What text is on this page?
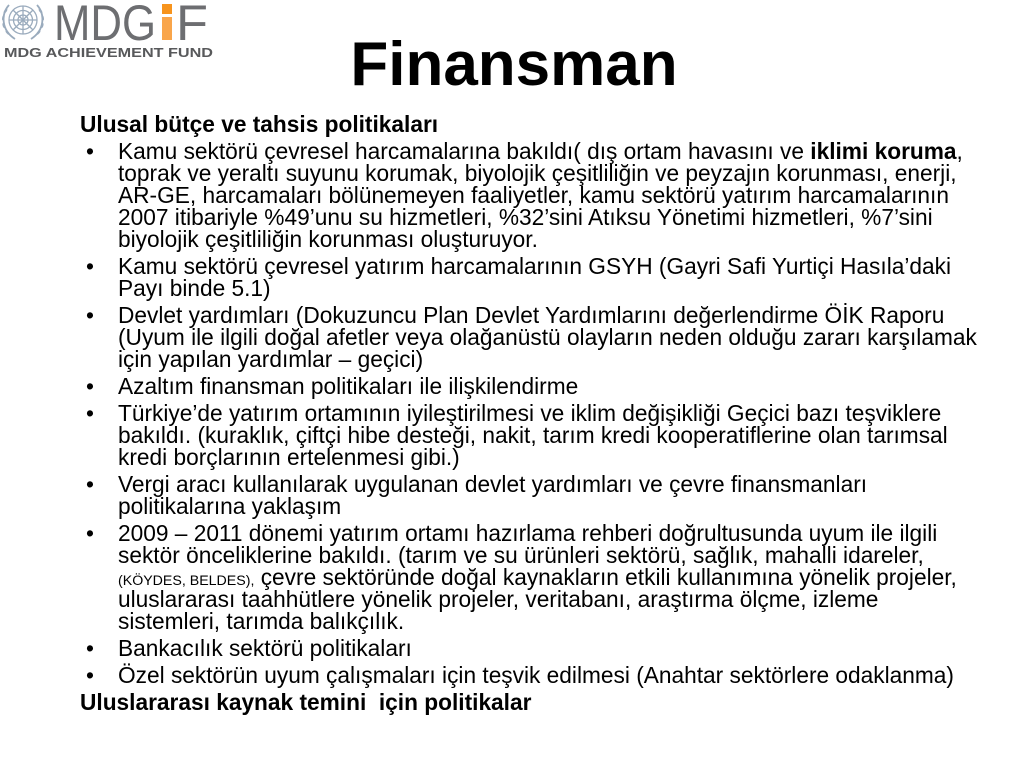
MDG F
MDG ACHIEVEMENT FUND	Finansman
Ulusal bütçe ve tahsis politikaları
• Kamu sektörü çevresel harcamalarına bakıldı( dış ortam havasını ve iklimi koruma,
toprak ve yeraltı suyunu korumak, biyolojik çeşitliliğin ve peyzajın korunması, enerji,
AR-GE, harcamaları bölünemeyen faaliyetler, kamu sektörü yatırım harcamalarının
2007 itibariyle %49’unu su hizmetleri, %32’sini Atıksu Yönetimi hizmetleri, %7’sini
biyolojik çeşitliliğin korunması oluşturuyor.
• Kamu sektörü çevresel yatırım harcamalarının GSYH (Gayri Safi Yurtiçi Hasıla’daki
Payı binde 5.1)
• Devlet yardımları (Dokuzuncu Plan Devlet Yardımlarını değerlendirme ÖİK Raporu
(Uyum ile ilgili doğal afetler veya olağanüstü olayların neden olduğu zararı karşılamak
için yapılan yardımlar – geçici)
• Azaltım finansman politikaları ile ilişkilendirme
• Türkiye’de yatırım ortamının iyileştirilmesi ve iklim değişikliği Geçici bazı teşviklere
bakıldı. (kuraklık, çiftçi hibe desteği, nakit, tarım kredi kooperatiflerine olan tarımsal
kredi borçlarının ertelenmesi gibi.)
• Vergi aracı kullanılarak uygulanan devlet yardımları ve çevre finansmanları
politikalarına yaklaşım
• 2009 – 2011 dönemi yatırım ortamı hazırlama rehberi doğrultusunda uyum ile ilgili
sektör önceliklerine bakıldı. (tarım ve su ürünleri sektörü, sağlık, mahalli idareler,
(KÖYDES, BELDES), çevre sektöründe doğal kaynakların etkili kullanımına yönelik projeler,
uluslararası taahhütlere yönelik projeler, veritabanı, araştırma ölçme, izleme
sistemleri, tarımda balıkçılık.
• Bankacılık sektörü politikaları
• Özel sektörün uyum çalışmaları için teşvik edilmesi (Anahtar sektörlere odaklanma)
Uluslararası kaynak temini  için politikalar
